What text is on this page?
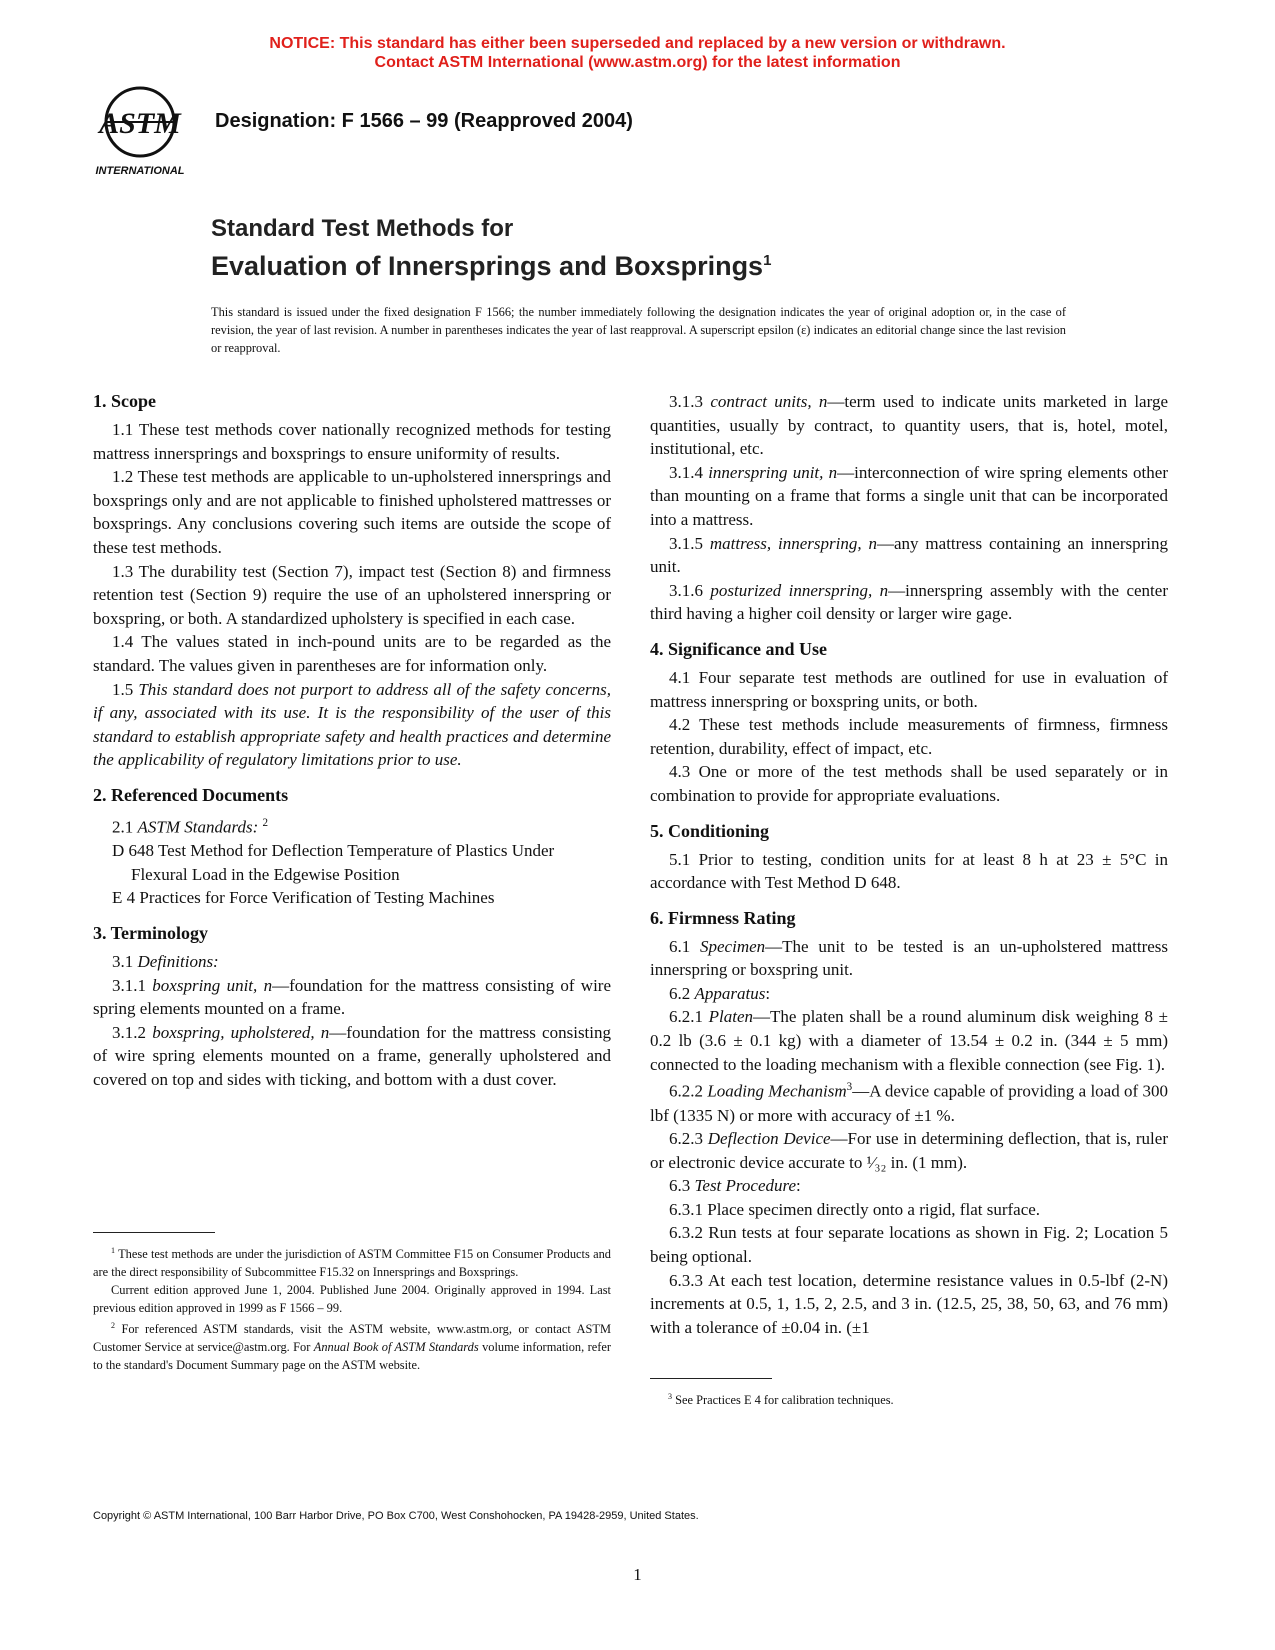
NOTICE: This standard has either been superseded and replaced by a new version or withdrawn.
Contact ASTM International (www.astm.org) for the latest information
ASTM
INTERNATIONAL
Designation: F 1566 – 99 (Reapproved 2004)
Standard Test Methods for
Evaluation of Innersprings and Boxsprings$^1$
This standard is issued under the fixed designation F 1566; the number immediately following the designation indicates the year of original adoption or, in the case of revision, the year of last revision. A number in parentheses indicates the year of last reapproval. A superscript epsilon (ε) indicates an editorial change since the last revision or reapproval.
1. Scope

1.1 These test methods cover nationally recognized methods for testing mattress innersprings and boxsprings to ensure uniformity of results.

1.2 These test methods are applicable to un-upholstered innersprings and boxsprings only and are not applicable to finished upholstered mattresses or boxsprings. Any conclusions covering such items are outside the scope of these test methods.

1.3 The durability test (Section 7), impact test (Section 8) and firmness retention test (Section 9) require the use of an upholstered innerspring or boxspring, or both. A standardized upholstery is specified in each case.

1.4 The values stated in inch-pound units are to be regarded as the standard. The values given in parentheses are for information only.

1.5 This standard does not purport to address all of the safety concerns, if any, associated with its use. It is the responsibility of the user of this standard to establish appropriate safety and health practices and determine the applicability of regulatory limitations prior to use.

2. Referenced Documents

2.1 ASTM Standards: $^2$

D 648 Test Method for Deflection Temperature of Plastics Under Flexural Load in the Edgewise Position

E 4 Practices for Force Verification of Testing Machines

3. Terminology

3.1 Definitions:

3.1.1 boxspring unit, n—foundation for the mattress consisting of wire spring elements mounted on a frame.

3.1.2 boxspring, upholstered, n—foundation for the mattress consisting of wire spring elements mounted on a frame, generally upholstered and covered on top and sides with ticking, and bottom with a dust cover.

$^1$ These test methods are under the jurisdiction of ASTM Committee F15 on Consumer Products and are the direct responsibility of Subcommittee F15.32 on Innersprings and Boxsprings.

Current edition approved June 1, 2004. Published June 2004. Originally approved in 1994. Last previous edition approved in 1999 as F 1566 – 99.

$^2$ For referenced ASTM standards, visit the ASTM website, www.astm.org, or contact ASTM Customer Service at service@astm.org. For Annual Book of ASTM Standards volume information, refer to the standard's Document Summary page on the ASTM website.

3.1.3 contract units, n—term used to indicate units marketed in large quantities, usually by contract, to quantity users, that is, hotel, motel, institutional, etc.

3.1.4 innerspring unit, n—interconnection of wire spring elements other than mounting on a frame that forms a single unit that can be incorporated into a mattress.

3.1.5 mattress, innerspring, n—any mattress containing an innerspring unit.

3.1.6 posturized innerspring, n—innerspring assembly with the center third having a higher coil density or larger wire gage.

4. Significance and Use

4.1 Four separate test methods are outlined for use in evaluation of mattress innerspring or boxspring units, or both.

4.2 These test methods include measurements of firmness, firmness retention, durability, effect of impact, etc.

4.3 One or more of the test methods shall be used separately or in combination to provide for appropriate evaluations.

5. Conditioning

5.1 Prior to testing, condition units for at least 8 h at 23 ± 5°C in accordance with Test Method D 648.

6. Firmness Rating

6.1 Specimen—The unit to be tested is an un-upholstered mattress innerspring or boxspring unit.

6.2 Apparatus:

6.2.1 Platen—The platen shall be a round aluminum disk weighing 8 ± 0.2 lb (3.6 ± 0.1 kg) with a diameter of 13.54 ± 0.2 in. (344 ± 5 mm) connected to the loading mechanism with a flexible connection (see Fig. 1).

6.2.2 Loading Mechanism$^3$—A device capable of providing a load of 300 lbf (1335 N) or more with accuracy of ±1 %.

6.2.3 Deflection Device—For use in determining deflection, that is, ruler or electronic device accurate to ¹⁄₃₂ in. (1 mm).

6.3 Test Procedure:

6.3.1 Place specimen directly onto a rigid, flat surface.

6.3.2 Run tests at four separate locations as shown in Fig. 2; Location 5 being optional.

6.3.3 At each test location, determine resistance values in 0.5-lbf (2-N) increments at 0.5, 1, 1.5, 2, 2.5, and 3 in. (12.5, 25, 38, 50, 63, and 76 mm) with a tolerance of ±0.04 in. (±1

$^3$ See Practices E 4 for calibration techniques.

Copyright © ASTM International, 100 Barr Harbor Drive, PO Box C700, West Conshohocken, PA 19428-2959, United States.
1
